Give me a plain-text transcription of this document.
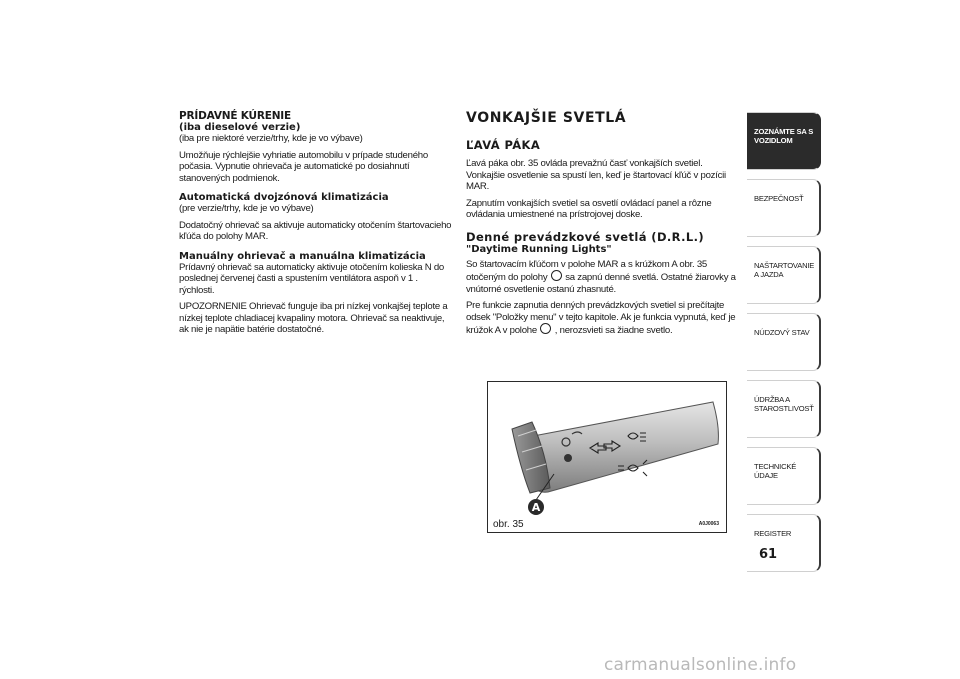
PRÍDAVNÉ KÚRENIE
(iba dieselové verzie)

(iba pre niektoré verzie/trhy, kde je vo výbave)

Umožňuje rýchlejšie vyhriatie automobilu v prípade studeného počasia. Vypnutie ohrievača je automatické po dosiahnutí stanovených podmienok.

Automatická dvojzónová klimatizácia

(pre verzie/trhy, kde je vo výbave)

Dodatočný ohrievač sa aktivuje automaticky otočením štartovacieho kľúča do polohy MAR.

Manuálny ohrievač a manuálna klimatizácia

Prídavný ohrievač sa automaticky aktivuje otočením kolieska N do poslednej červenej časti a spustením ventilátora aspoň v 1 . rýchlosti.

UPOZORNENIE Ohrievač funguje iba pri nízkej vonkajšej teplote a nízkej teplote chladiacej kvapaliny motora. Ohrievač sa neaktivuje, ak nie je napätie batérie dostatočné.

VONKAJŠIE SVETLÁ
ĽAVÁ PÁKA

Ľavá páka obr. 35 ovláda prevažnú časť vonkajších svetiel. Vonkajšie osvetlenie sa spustí len, keď je štartovací kľúč v pozícii MAR.

Zapnutím vonkajších svetiel sa osvetlí ovládací panel a rôzne ovládania umiestnené na prístrojovej doske.

Denné prevádzkové svetlá (D.R.L.)
"Daytime Running Lights"

So štartovacím kľúčom v polohe MAR a s krúžkom A obr. 35 otočeným do polohy sa zapnú denné svetlá. Ostatné žiarovky a vnútorné osvetlenie ostanú zhasnuté.

Pre funkcie zapnutia denných prevádzkových svetiel si prečítajte odsek "Položky menu" v tejto kapitole. Ak je funkcia vypnutá, keď je krúžok A v polohe , nerozsvieti sa žiadne svetlo.

A
obr. 35	A0J0063
ZOZNÁMTE SA S VOZIDLOM
BEZPEČNOSŤ
NAŠTARTOVANIE A JAZDA
NÚDZOVÝ STAV
ÚDRŽBA A STAROSTLIVOSŤ
TECHNICKÉ ÚDAJE
REGISTER
61
carmanualsonline.info
